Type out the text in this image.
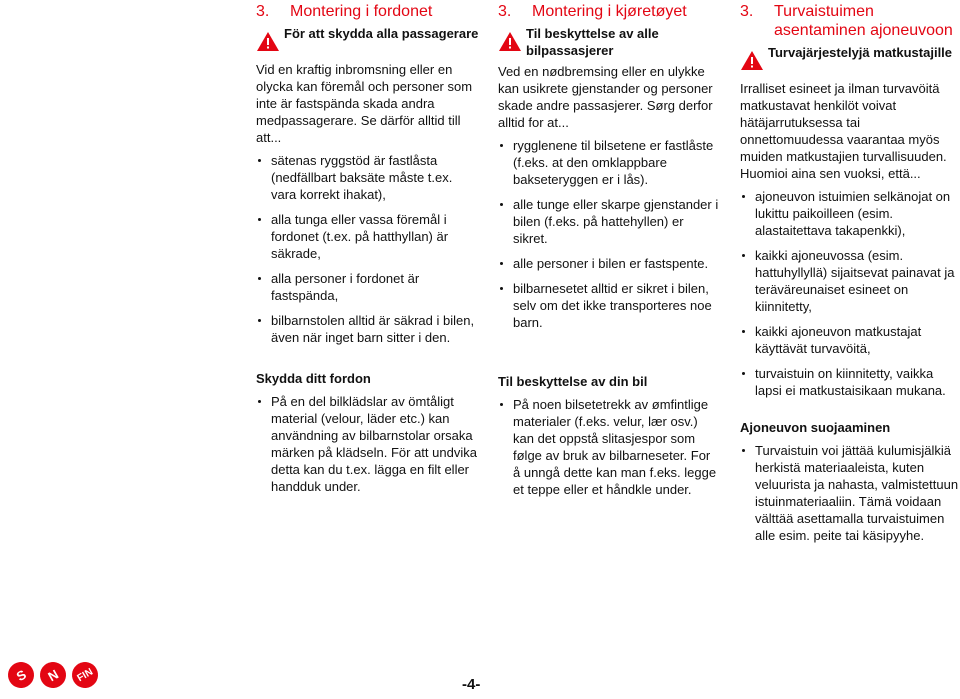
3.	Montering i fordonet
För att skydda alla passagerare

Vid en kraftig inbromsning eller en olycka kan föremål och personer som inte är fastspända skada andra medpassagerare. Se därför alltid till att...

sätenas ryggstöd är fastlåsta (nedfällbart baksäte måste t.ex. vara korrekt ihakat),
alla tunga eller vassa föremål i fordonet (t.ex. på hatthyllan) är säkrade,
alla personer i fordonet är fastspända,
bilbarnstolen alltid är säkrad i bilen, även när inget barn sitter i den.
Skydda ditt fordon
På en del bilklädslar av ömtåligt material (velour, läder etc.) kan användning av bilbarnstolar orsaka märken på klädseln. För att undvika detta kan du t.ex. lägga en filt eller handduk under.
3.	Montering i kjøretøyet
Til beskyttelse av alle bilpassasjerer

Ved en nødbremsing eller en ulykke kan usikrete gjenstander og personer skade andre passasjerer. Sørg derfor alltid for at...

rygglenene til bilsetene er fastlåste (f.eks. at den omklappbare bakseteryggen er i lås).
alle tunge eller skarpe gjenstander i bilen (f.eks. på hattehyllen) er sikret.
alle personer i bilen er fastspente.
bilbarnesetet alltid er sikret i bilen, selv om det ikke transporteres noe barn.
Til beskyttelse av din bil
På noen bilsetetrekk av ømfintlige materialer (f.eks. velur, lær osv.) kan det oppstå slitasjespor som følge av bruk av bilbarneseter. For å unngå dette kan man f.eks. legge et teppe eller et håndkle under.
3.	Turvaistuimen asentaminen ajoneuvoon
Turvajärjestelyjä matkustajille

Irralliset esineet ja ilman turvavöitä matkustavat henkilöt voivat hätäjarrutuksessa tai onnettomuudessa vaarantaa myös muiden matkustajien turvallisuuden. Huomioi aina sen vuoksi, että...

ajoneuvon istuimien selkänojat on lukittu paikoilleen (esim. alastaitettava takapenkki),
kaikki ajoneuvossa (esim. hattuhyllyllä) sijaitsevat painavat ja teräväreunaiset esineet on kiinnitetty,
kaikki ajoneuvon matkustajat käyttävät turvavöitä,
turvaistuin on kiinnitetty, vaikka lapsi ei matkustaisikaan mukana.
Ajoneuvon suojaaminen
Turvaistuin voi jättää kulumisjälkiä herkistä materiaaleista, kuten veluurista ja nahasta, valmistettuun istuinmateriaaliin. Tämä voidaan välttää asettamalla turvaistuimen alle esim. peite tai käsipyyhe.
S	N	FIN
-4-
